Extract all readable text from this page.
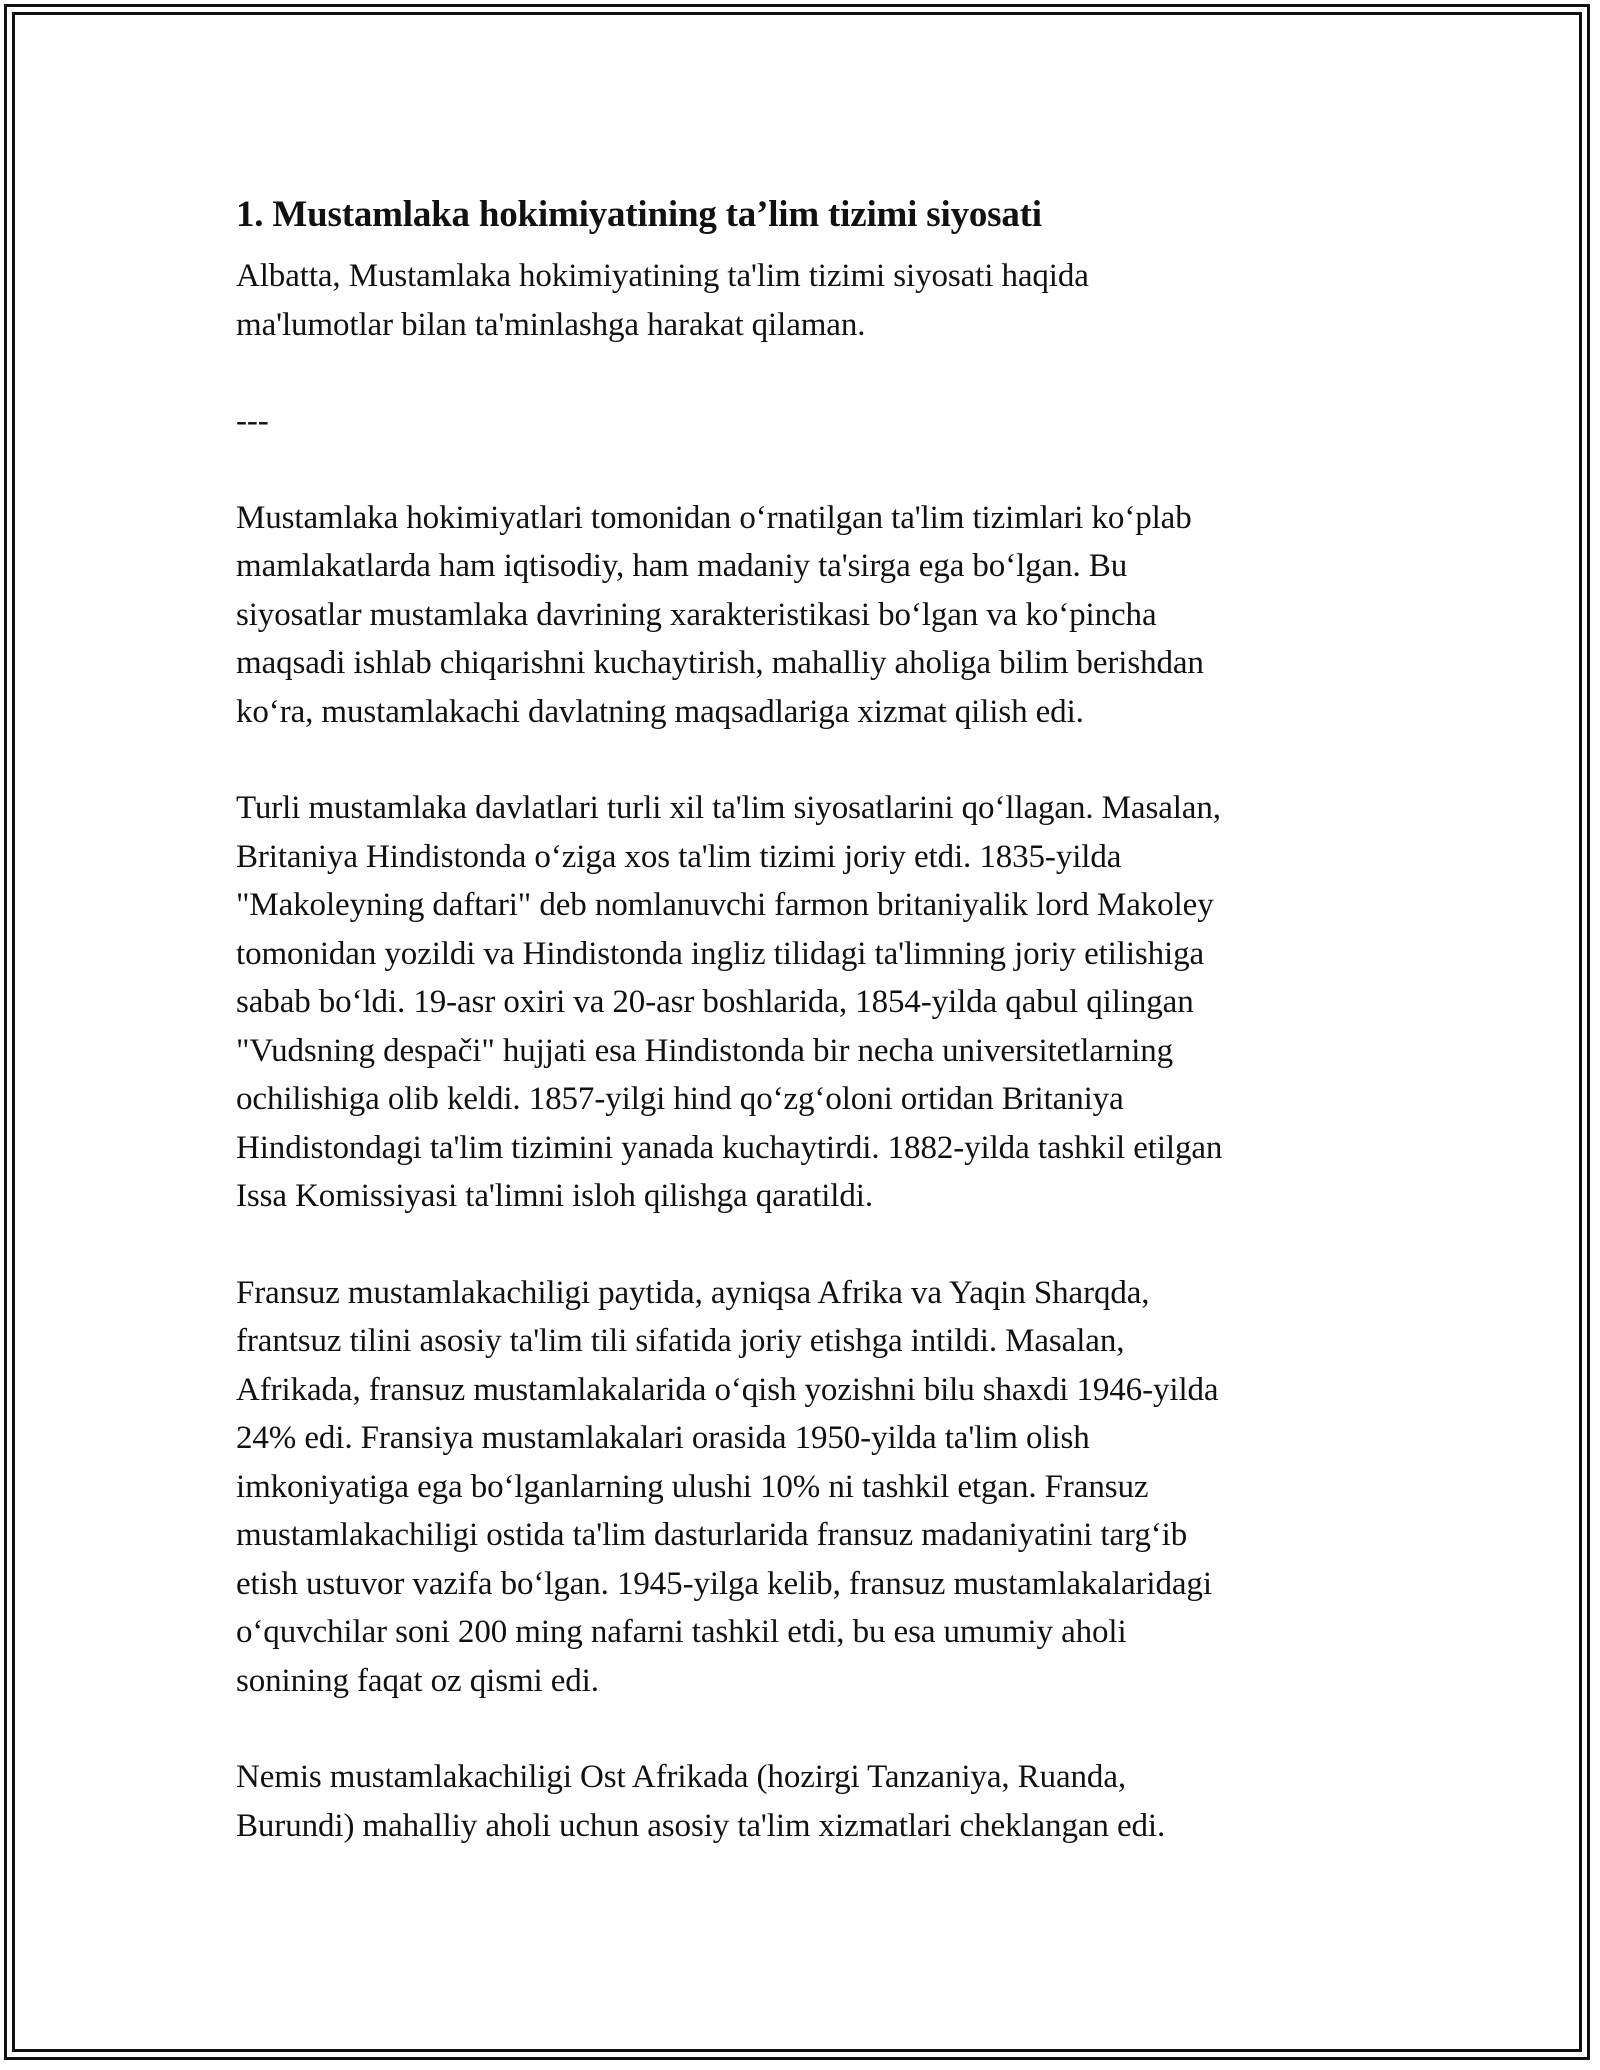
1. Mustamlaka hokimiyatining ta’lim tizimi siyosati

Albatta, Mustamlaka hokimiyatining ta'lim tizimi siyosati haqida
ma'lumotlar bilan ta'minlashga harakat qilaman.

---

Mustamlaka hokimiyatlari tomonidan oʻrnatilgan ta'lim tizimlari koʻplab
mamlakatlarda ham iqtisodiy, ham madaniy ta'sirga ega boʻlgan. Bu
siyosatlar mustamlaka davrining xarakteristikasi boʻlgan va koʻpincha
maqsadi ishlab chiqarishni kuchaytirish, mahalliy aholiga bilim berishdan
koʻra, mustamlakachi davlatning maqsadlariga xizmat qilish edi.

Turli mustamlaka davlatlari turli xil ta'lim siyosatlarini qoʻllagan. Masalan,
Britaniya Hindistonda oʻziga xos ta'lim tizimi joriy etdi. 1835-yilda
"Makoleyning daftari" deb nomlanuvchi farmon britaniyalik lord Makoley
tomonidan yozildi va Hindistonda ingliz tilidagi ta'limning joriy etilishiga
sabab boʻldi. 19-asr oxiri va 20-asr boshlarida, 1854-yilda qabul qilingan
"Vudsning despači" hujjati esa Hindistonda bir necha universitetlarning
ochilishiga olib keldi. 1857-yilgi hind qoʻzgʻoloni ortidan Britaniya
Hindistondagi ta'lim tizimini yanada kuchaytirdi. 1882-yilda tashkil etilgan
Issa Komissiyasi ta'limni isloh qilishga qaratildi.

Fransuz mustamlakachiligi paytida, ayniqsa Afrika va Yaqin Sharqda,
frantsuz tilini asosiy ta'lim tili sifatida joriy etishga intildi. Masalan,
Afrikada, fransuz mustamlakalarida oʻqish yozishni bilu shaxdi 1946-yilda
24% edi. Fransiya mustamlakalari orasida 1950-yilda ta'lim olish
imkoniyatiga ega boʻlganlarning ulushi 10% ni tashkil etgan. Fransuz
mustamlakachiligi ostida ta'lim dasturlarida fransuz madaniyatini targʻib
etish ustuvor vazifa boʻlgan. 1945-yilga kelib, fransuz mustamlakalaridagi
oʻquvchilar soni 200 ming nafarni tashkil etdi, bu esa umumiy aholi
sonining faqat oz qismi edi.

Nemis mustamlakachiligi Ost Afrikada (hozirgi Tanzaniya, Ruanda,
Burundi) mahalliy aholi uchun asosiy ta'lim xizmatlari cheklangan edi.
